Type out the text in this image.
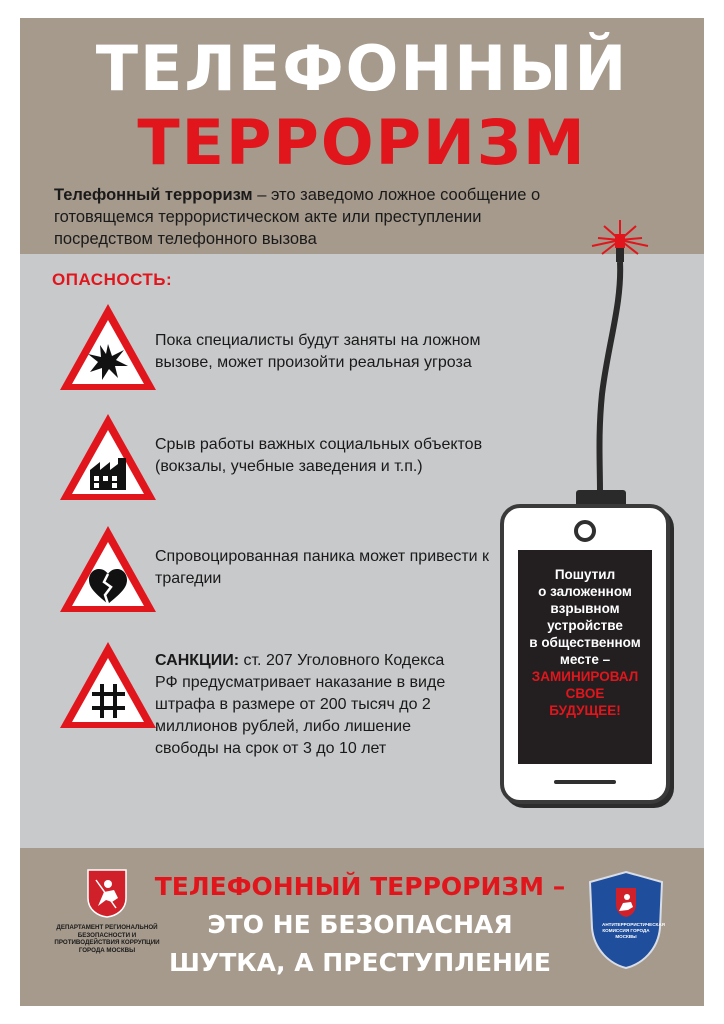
ТЕЛЕФОННЫЙ
ТЕРРОРИЗМ

Телефонный терроризм – это заведомо ложное сообщение о готовящемся террористическом акте или преступлении посредством телефонного вызова

ОПАСНОСТЬ:
Пока специалисты будут заняты на ложном вызове, может произойти реальная угроза
Срыв работы важных социальных объектов (вокзалы, учебные заведения и т.п.)
Спровоцированная паника может привести к трагедии

САНКЦИИ: ст. 207 Уголовного Кодекса РФ предусматривает наказание в виде штрафа в размере от 200 тысяч до 2 миллионов рублей, либо лишение свободы на срок от 3 до 10 лет

Пошутил
о заложенном
взрывном
устройстве
в общественном
месте –
ЗАМИНИРОВАЛ
СВОЕ
БУДУЩЕЕ!
ДЕПАРТАМЕНТ РЕГИОНАЛЬНОЙ БЕЗОПАСНОСТИ И ПРОТИВОДЕЙСТВИЯ КОРРУПЦИИ ГОРОДА МОСКВЫ
ТЕЛЕФОННЫЙ ТЕРРОРИЗМ –
ЭТО НЕ БЕЗОПАСНАЯ
ШУТКА, А ПРЕСТУПЛЕНИЕ
АНТИТЕРРОРИСТИЧЕСКАЯ КОМИССИЯ ГОРОДА МОСКВЫ
